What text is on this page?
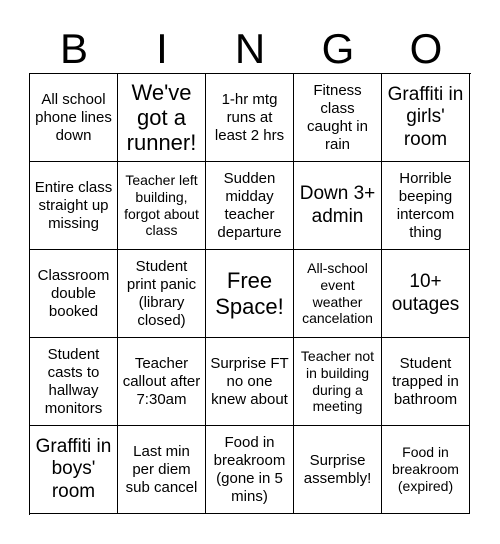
B	I	N	G	O
All school phone lines down
We've got a runner!
1-hr mtg runs at least 2 hrs
Fitness class caught in rain
Graffiti in girls' room
Entire class straight up missing
Teacher left building, forgot about class
Sudden midday teacher departure
Down 3+ admin
Horrible beeping intercom thing
Classroom double booked
Student print panic (library closed)
Free Space!
All-school event weather cancelation
10+ outages
Student casts to hallway monitors
Teacher callout after 7:30am
Surprise FT no one knew about
Teacher not in building during a meeting
Student trapped in bathroom
Graffiti in boys' room
Last min per diem sub cancel
Food in breakroom (gone in 5 mins)
Surprise assembly!
Food in breakroom (expired)
